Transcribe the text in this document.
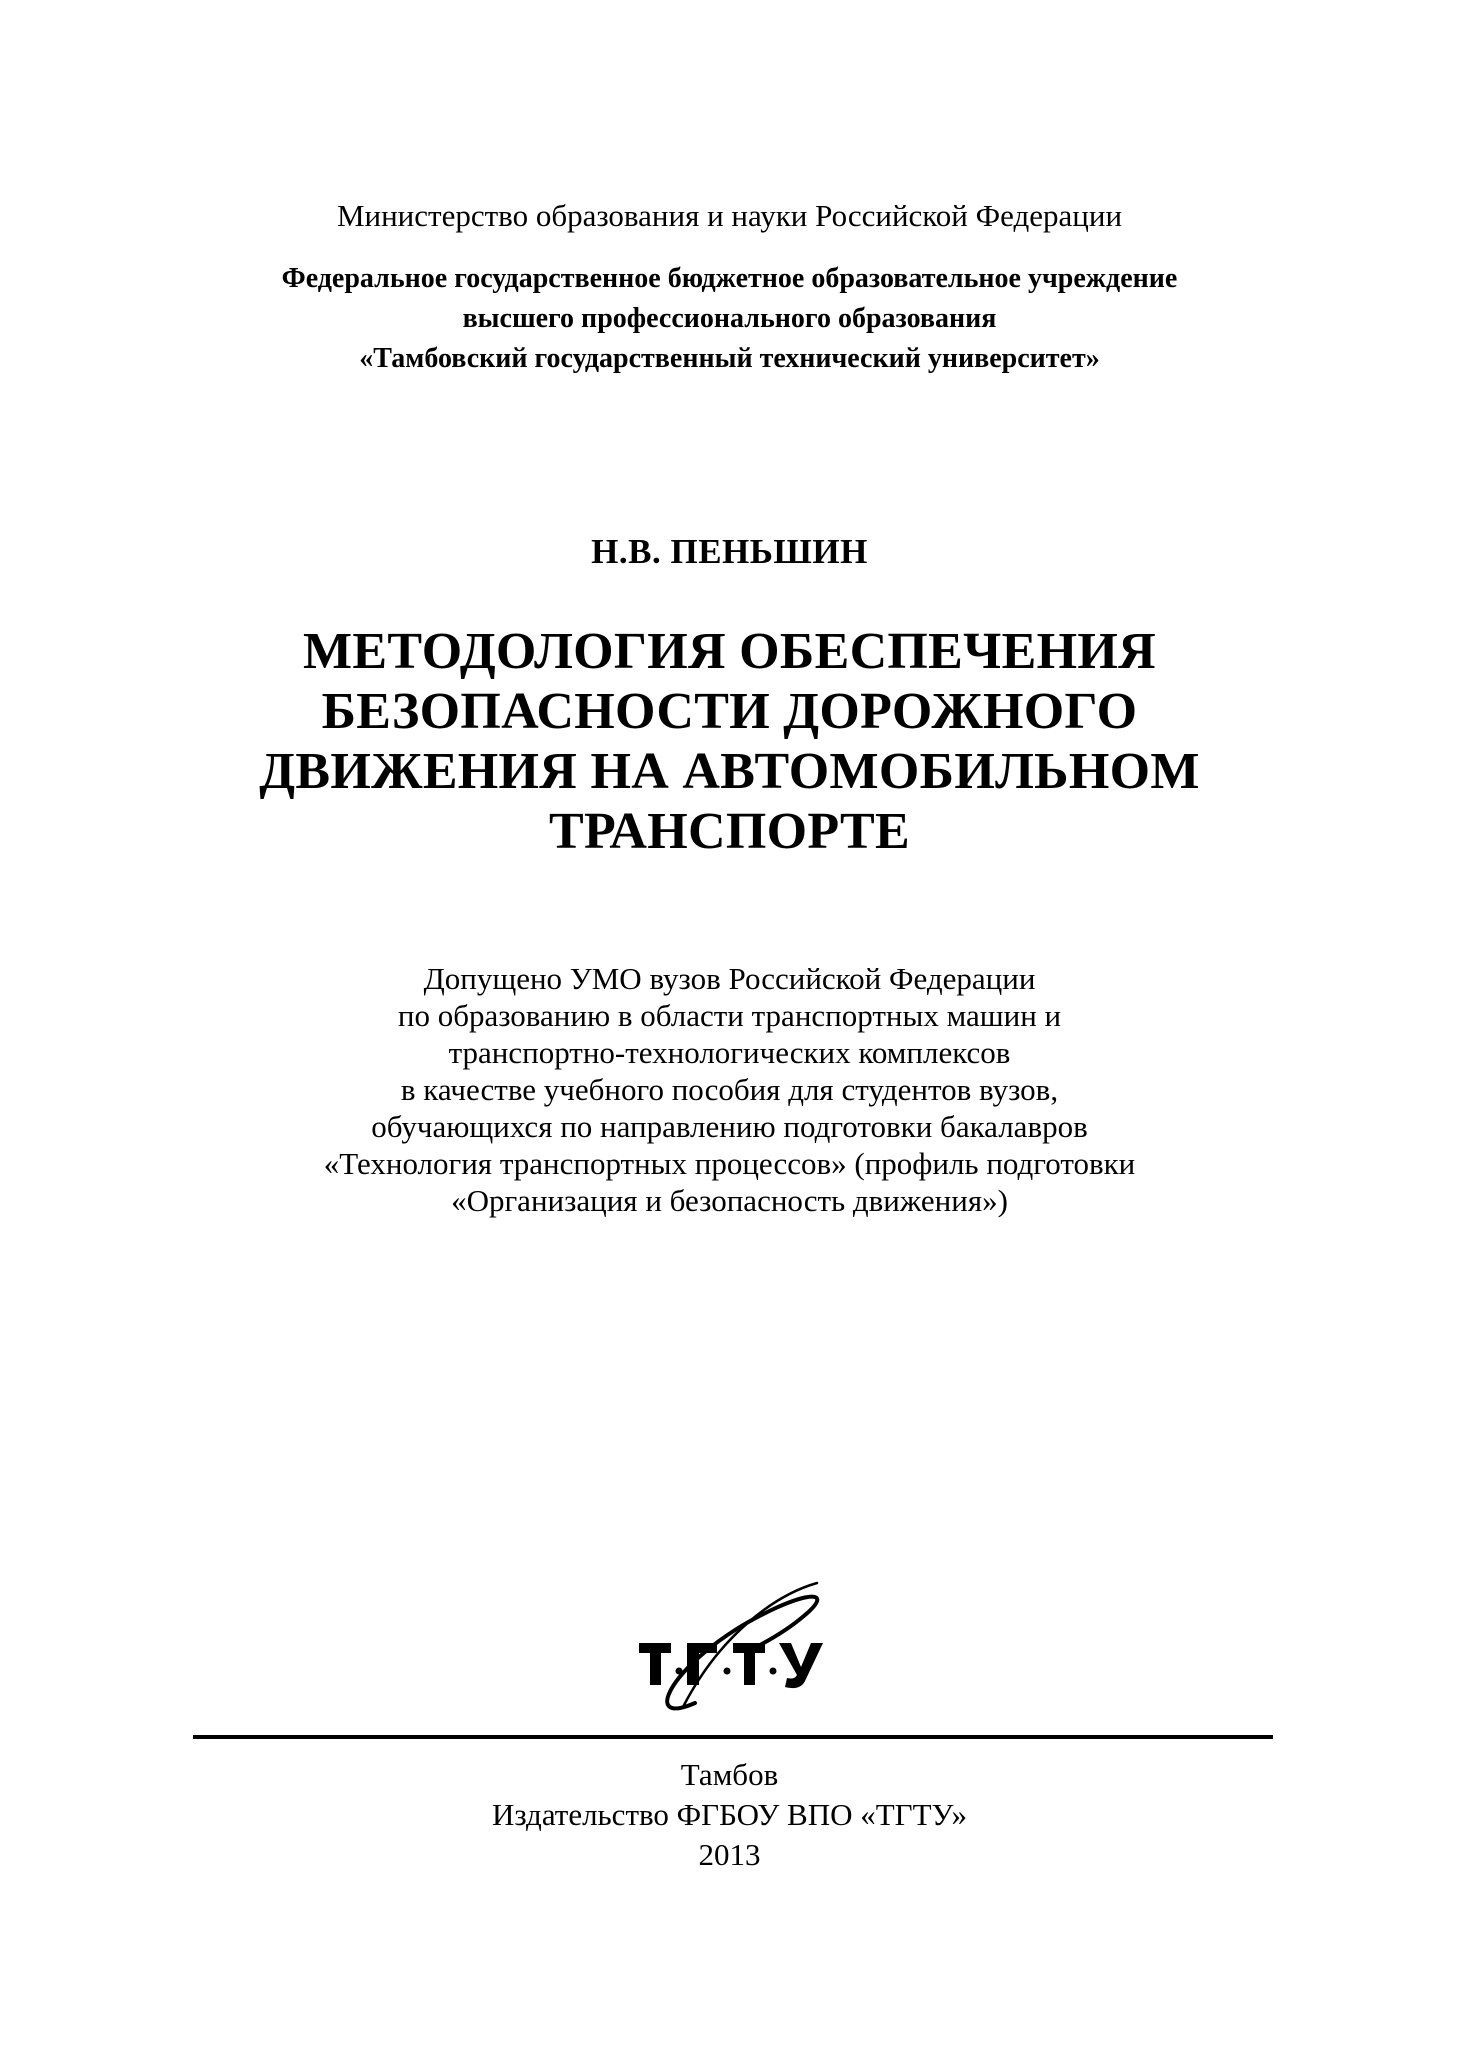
Министерство образования и науки Российской Федерации
Федеральное государственное бюджетное образовательное учреждение
высшего профессионального образования
«Тамбовский государственный технический университет»
Н.В. ПЕНЬШИН
МЕТОДОЛОГИЯ ОБЕСПЕЧЕНИЯ
БЕЗОПАСНОСТИ ДОРОЖНОГО
ДВИЖЕНИЯ НА АВТОМОБИЛЬНОМ
ТРАНСПОРТЕ
Допущено УМО вузов Российской Федерации
по образованию в области транспортных машин и
транспортно-технологических комплексов
в качестве учебного пособия для студентов вузов,
обучающихся по направлению подготовки бакалавров
«Технология транспортных процессов» (профиль подготовки
«Организация и безопасность движения»)
Тамбов
Издательство ФГБОУ ВПО «ТГТУ»
2013
